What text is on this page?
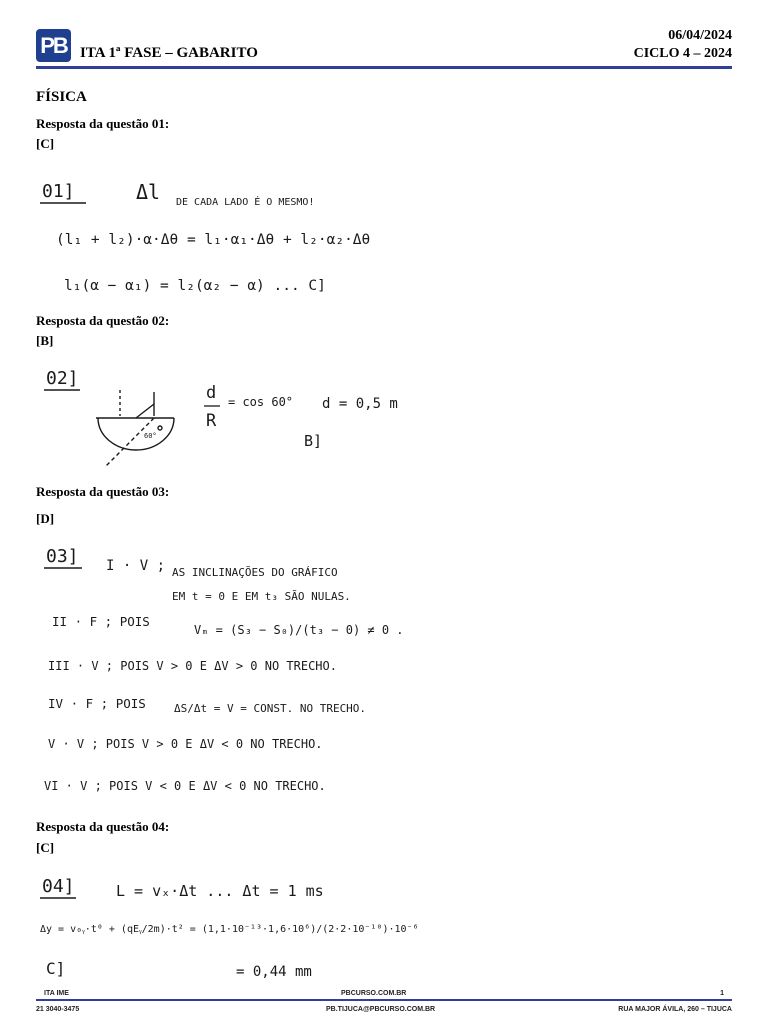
PB ITA 1ª FASE – GABARITO
06/04/2024
CICLO 4 – 2024
FÍSICA
Resposta da questão 01:
[C]
01]	Δl DE CADA LADO É O MESMO!
(l₁ + l₂)·α·Δθ = l₁·α₁·Δθ + l₂·α₂·Δθ
l₁(α − α₁) = l₂(α₂ − α) ... C]
Resposta da questão 02:
[B]
02]
60°
d
R
= cos 60° d = 0,5 m
B]
Resposta da questão 03:
[D]
03] I · V ; AS INCLINAÇÕES DO GRÁFICO
EM t = 0 E EM t₃ SÃO NULAS.
II · F ; POIS
Vₘ = (S₃ − S₀)/(t₃ − 0) ≠ 0 .
III · V ; POIS V > 0 E ΔV > 0 NO TRECHO.
IV · F ; POIS	ΔS/Δt = V = CONST. NO TRECHO.
V · V ; POIS V > 0 E ΔV < 0 NO TRECHO.
VI · V ; POIS V < 0 E ΔV < 0 NO TRECHO.
Resposta da questão 04:
[C]
04]	L = vₓ·Δt ... Δt = 1 ms
Δy = v₀ᵧ·t⁰ + (qEᵧ/2m)·t² = (1,1·10⁻¹³·1,6·10⁶)/(2·2·10⁻¹⁰)·10⁻⁶
C]	= 0,44 mm
ITA IME	PBCURSO.COM.BR	1
21 3040-3475	PB.TIJUCA@PBCURSO.COM.BR	RUA MAJOR ÁVILA, 260 – TIJUCA
